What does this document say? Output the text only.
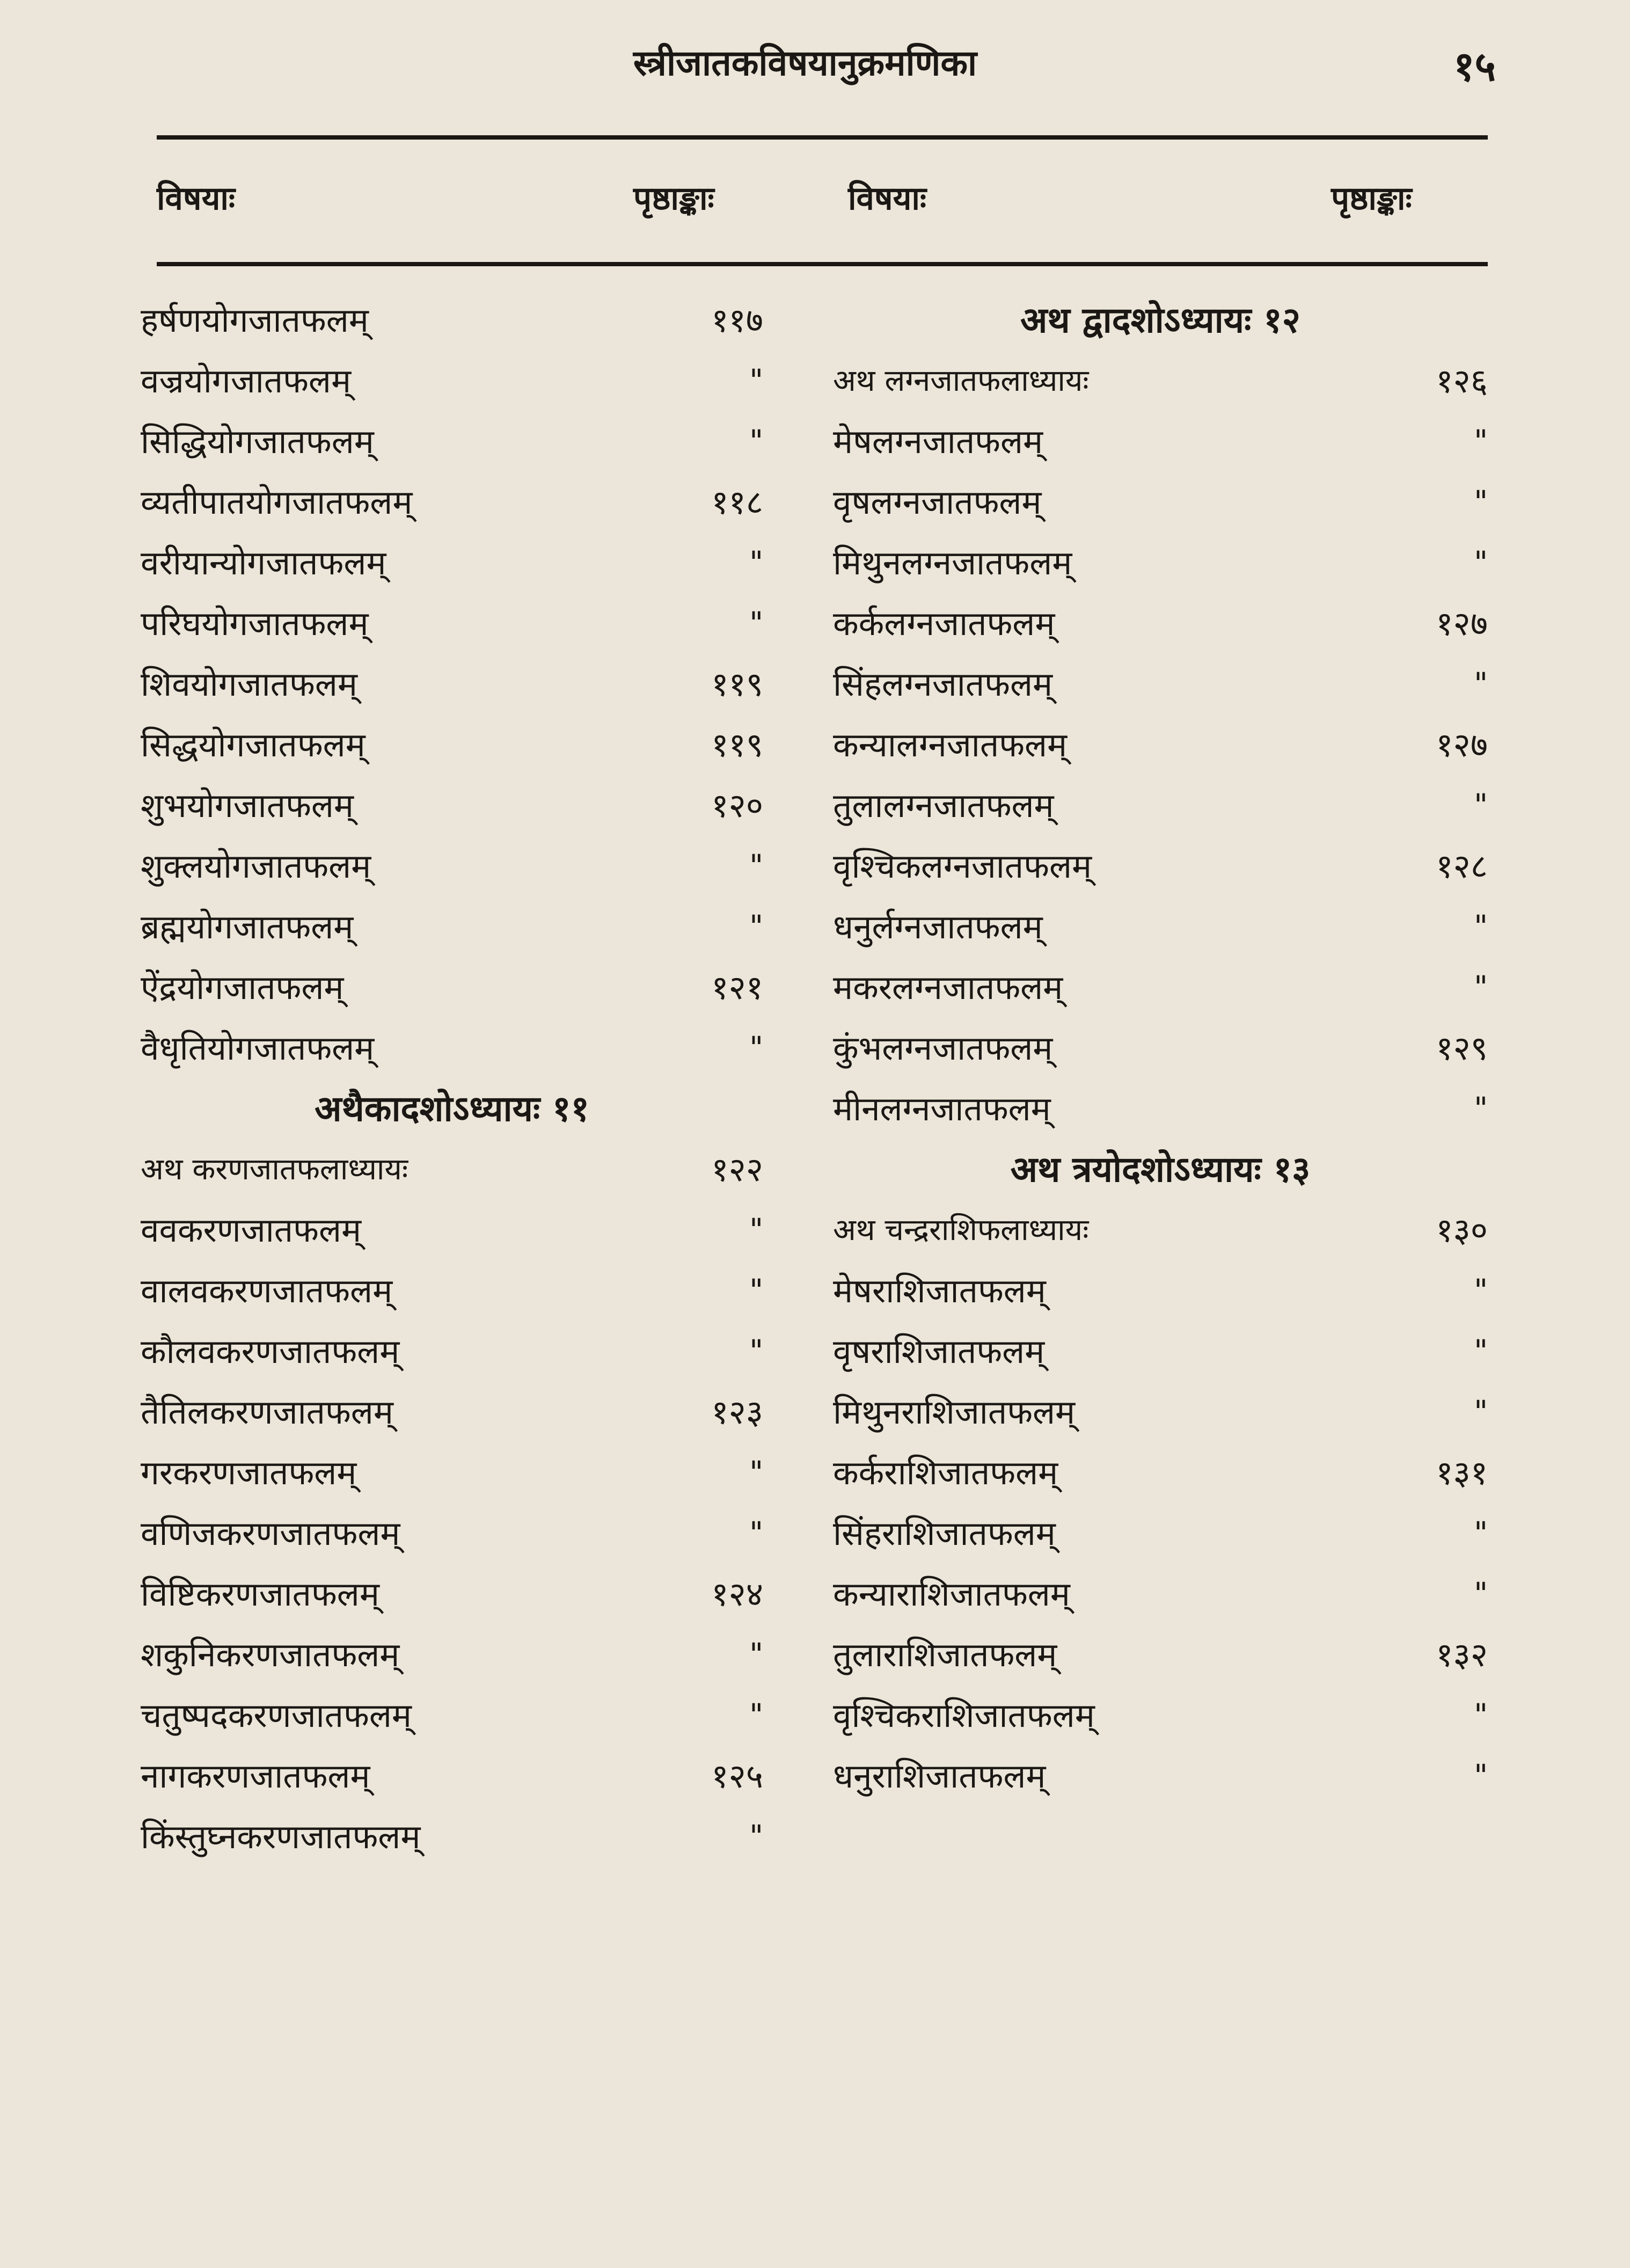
स्त्रीजातकविषयानुक्रमणिका	१५
विषयाः	पृष्ठाङ्काः	विषयाः	पृष्ठाङ्काः
हर्षणयोगजातफलम्	११७
वज्रयोगजातफलम्	"
सिद्धियोगजातफलम्	"
व्यतीपातयोगजातफलम्	११८
वरीयान्योगजातफलम्	"
परिघयोगजातफलम्	"
शिवयोगजातफलम्	११९
सिद्धयोगजातफलम्	११९
शुभयोगजातफलम्	१२०
शुक्लयोगजातफलम्	"
ब्रह्मयोगजातफलम्	"
ऐंद्रयोगजातफलम्	१२१
वैधृतियोगजातफलम्	"
अथैकादशोऽध्यायः ११
अथ करणजातफलाध्यायः	१२२
ववकरणजातफलम्	"
वालवकरणजातफलम्	"
कौलवकरणजातफलम्	"
तैतिलकरणजातफलम्	१२३
गरकरणजातफलम्	"
वणिजकरणजातफलम्	"
विष्टिकरणजातफलम्	१२४
शकुनिकरणजातफलम्	"
चतुष्पदकरणजातफलम्	"
नागकरणजातफलम्	१२५
किंस्तुघ्नकरणजातफलम्	"
अथ द्वादशोऽध्यायः १२
अथ लग्नजातफलाध्यायः	१२६
मेषलग्नजातफलम्	"
वृषलग्नजातफलम्	"
मिथुनलग्नजातफलम्	"
कर्कलग्नजातफलम्	१२७
सिंहलग्नजातफलम्	"
कन्यालग्नजातफलम्	१२७
तुलालग्नजातफलम्	"
वृश्चिकलग्नजातफलम्	१२८
धनुर्लग्नजातफलम्	"
मकरलग्नजातफलम्	"
कुंभलग्नजातफलम्	१२९
मीनलग्नजातफलम्	"
अथ त्रयोदशोऽध्यायः १३
अथ चन्द्रराशिफलाध्यायः	१३०
मेषराशिजातफलम्	"
वृषराशिजातफलम्	"
मिथुनराशिजातफलम्	"
कर्कराशिजातफलम्	१३१
सिंहराशिजातफलम्	"
कन्याराशिजातफलम्	"
तुलाराशिजातफलम्	१३२
वृश्चिकराशिजातफलम्	"
धनुराशिजातफलम्	"
